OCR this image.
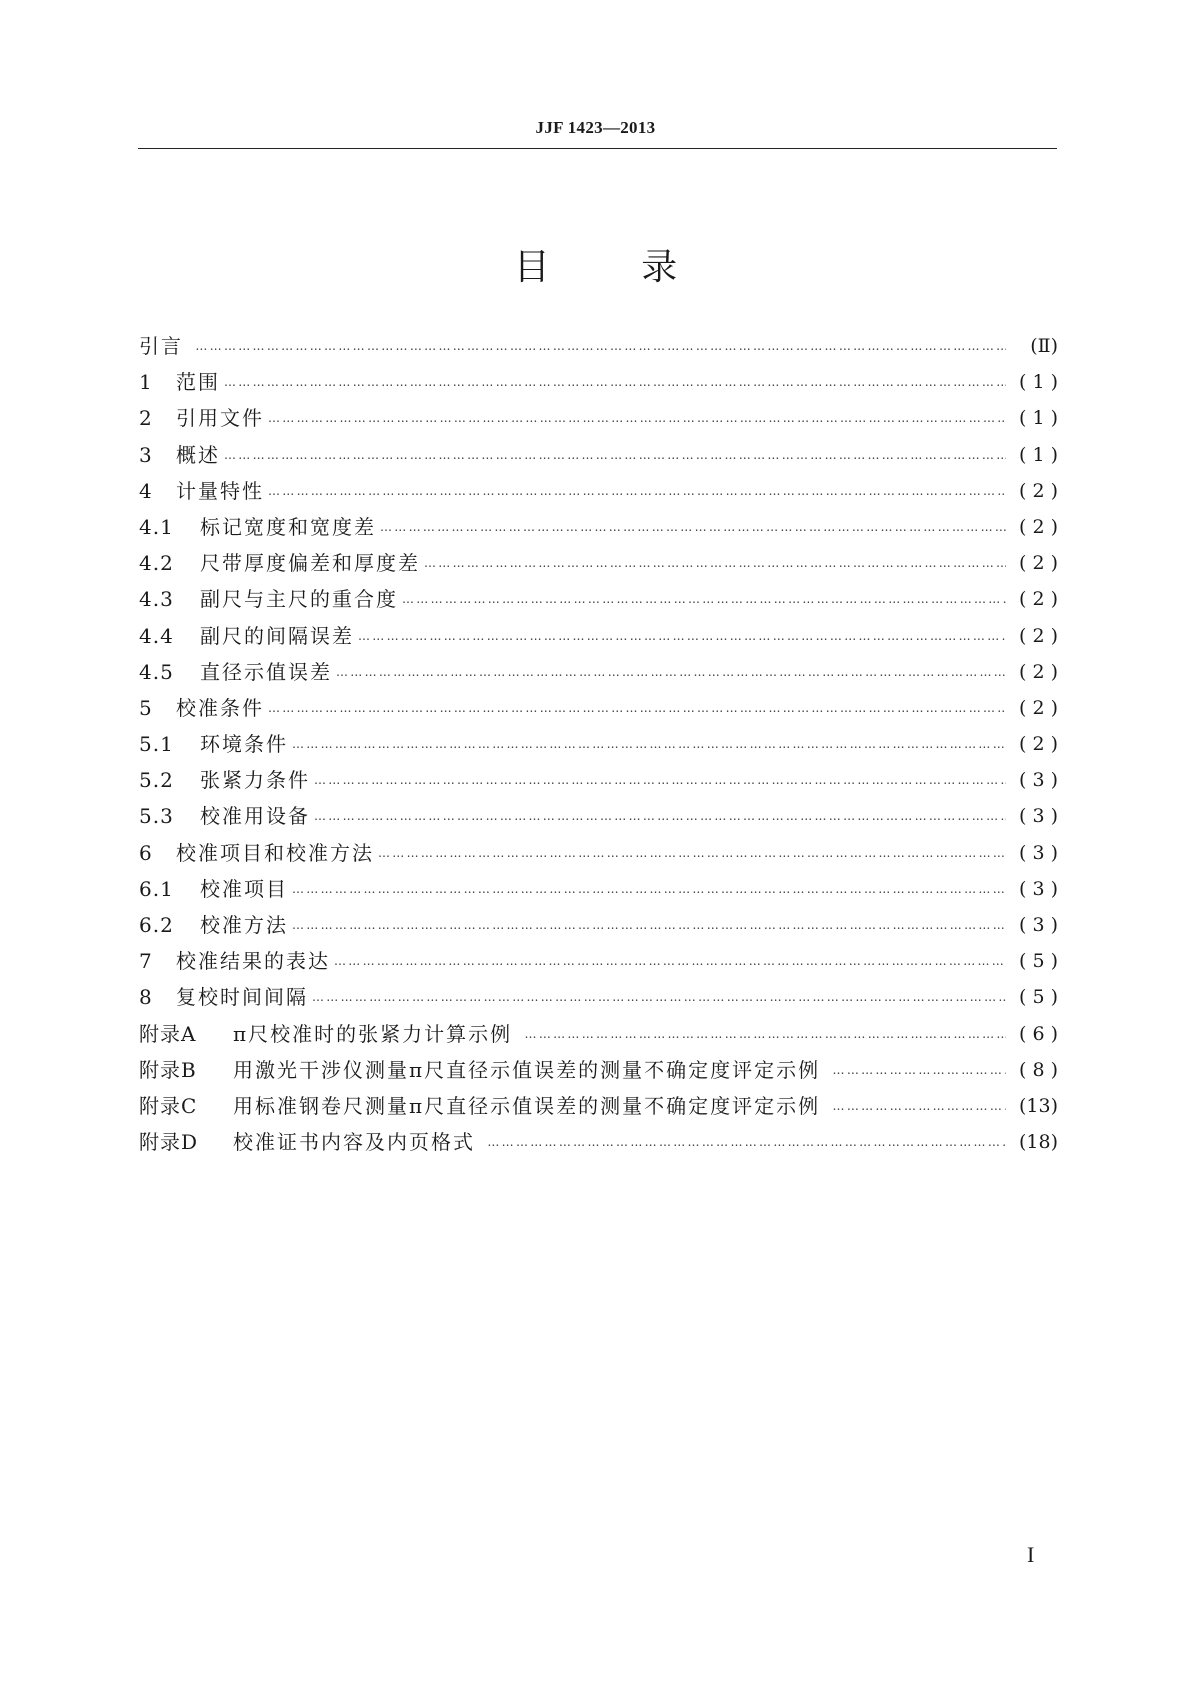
JJF 1423—2013
目        录
引言 …………………………………………………………………………………………………………………………………………………………………………………………	(Ⅱ)
1	范围 …………………………………………………………………………………………………………………………………………………………………………………………	( 1 )
2	引用文件 …………………………………………………………………………………………………………………………………………………………………………………………	( 1 )
3	概述 …………………………………………………………………………………………………………………………………………………………………………………………	( 1 )
4	计量特性 …………………………………………………………………………………………………………………………………………………………………………………………	( 2 )
4.1	标记宽度和宽度差 …………………………………………………………………………………………………………………………………………………………………………………………	( 2 )
4.2	尺带厚度偏差和厚度差 …………………………………………………………………………………………………………………………………………………………………………………………	( 2 )
4.3	副尺与主尺的重合度 …………………………………………………………………………………………………………………………………………………………………………………………	( 2 )
4.4	副尺的间隔误差 …………………………………………………………………………………………………………………………………………………………………………………………	( 2 )
4.5	直径示值误差 …………………………………………………………………………………………………………………………………………………………………………………………	( 2 )
5	校准条件 …………………………………………………………………………………………………………………………………………………………………………………………	( 2 )
5.1	环境条件 …………………………………………………………………………………………………………………………………………………………………………………………	( 2 )
5.2	张紧力条件 …………………………………………………………………………………………………………………………………………………………………………………………	( 3 )
5.3	校准用设备 …………………………………………………………………………………………………………………………………………………………………………………………	( 3 )
6	校准项目和校准方法 …………………………………………………………………………………………………………………………………………………………………………………………	( 3 )
6.1	校准项目 …………………………………………………………………………………………………………………………………………………………………………………………	( 3 )
6.2	校准方法 …………………………………………………………………………………………………………………………………………………………………………………………	( 3 )
7	校准结果的表达 …………………………………………………………………………………………………………………………………………………………………………………………	( 5 )
8	复校时间间隔 …………………………………………………………………………………………………………………………………………………………………………………………	( 5 )
附录A	π尺校准时的张紧力计算示例 …………………………………………………………………………………………………………………………………………………………………………………………	( 6 )
附录B	用激光干涉仪测量π尺直径示值误差的测量不确定度评定示例 …………………………………………………………………………………………………………………………………………………………………………………………	( 8 )
附录C	用标准钢卷尺测量π尺直径示值误差的测量不确定度评定示例 …………………………………………………………………………………………………………………………………………………………………………………………	(13)
附录D	校准证书内容及内页格式 …………………………………………………………………………………………………………………………………………………………………………………………	(18)
I
